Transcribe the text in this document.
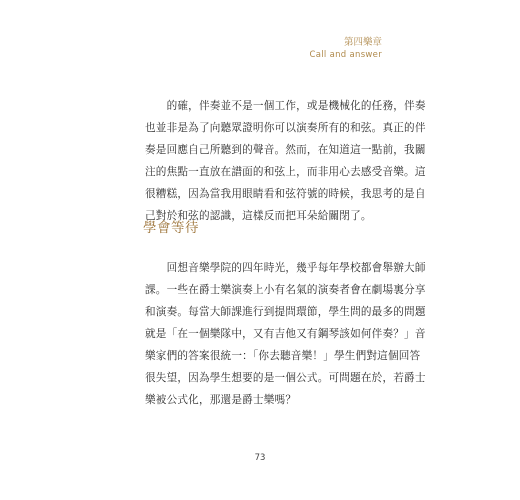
第四樂章
Call and answer
　　的確，伴奏並不是一個工作，或是機械化的任務，伴奏
也並非是為了向聽眾證明你可以演奏所有的和弦。真正的伴
奏是回應自己所聽到的聲音。然而，在知道這一點前，我關
注的焦點一直放在譜面的和弦上，而非用心去感受音樂。這
很糟糕，因為當我用眼睛看和弦符號的時候，我思考的是自
己對於和弦的認識，這樣反而把耳朵給關閉了。
學會等待
　　回想音樂學院的四年時光，幾乎每年學校都會舉辦大師
課。一些在爵士樂演奏上小有名氣的演奏者會在劇場裏分享
和演奏。每當大師課進行到提問環節，學生問的最多的問題
就是「在一個樂隊中，又有吉他又有鋼琴該如何伴奏？」音
樂家們的答案很統一：「你去聽音樂！」學生們對這個回答
很失望，因為學生想要的是一個公式。可問題在於，若爵士
樂被公式化，那還是爵士樂嗎？
73
